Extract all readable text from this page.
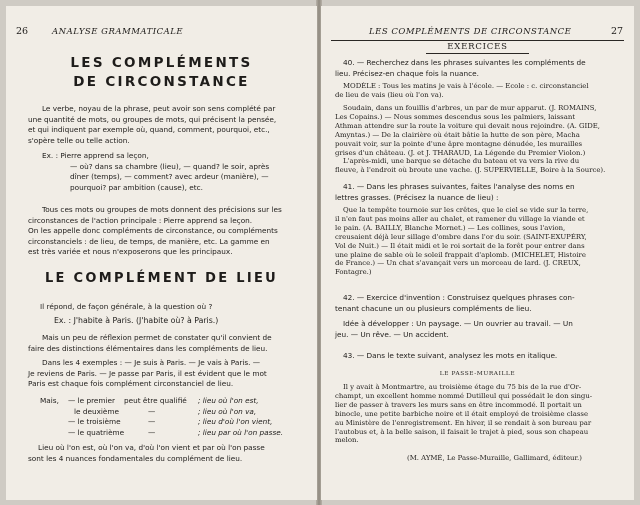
26	ANALYSE GRAMMATICALE
LES COMPLÉMENTS
DE CIRCONSTANCE
Le verbe, noyau de la phrase, peut avoir son sens complété par
une quantité de mots, ou groupes de mots, qui précisent la pensée,
et qui indiquent par exemple où, quand, comment, pourquoi, etc.,
s'opère telle ou telle action.
Ex. : Pierre apprend sa leçon,
— où? dans sa chambre (lieu), — quand? le soir, après
dîner (temps), — comment? avec ardeur (manière), —
pourquoi? par ambition (cause), etc.
Tous ces mots ou groupes de mots donnent des précisions sur les
circonstances de l'action principale : Pierre apprend sa leçon.
On les appelle donc compléments de circonstance, ou compléments
circonstanciels : de lieu, de temps, de manière, etc. La gamme en
est très variée et nous n'exposerons que les principaux.
LE COMPLÉMENT DE LIEU
Il répond, de façon générale, à la question où ?
Ex. : J'habite à Paris. (J'habite où? à Paris.)
Mais un peu de réflexion permet de constater qu'il convient de
faire des distinctions élémentaires dans les compléments de lieu.
Dans les 4 exemples : — Je suis à Paris. — Je vais à Paris. —
Je reviens de Paris. — Je passe par Paris, il est évident que le mot
Paris est chaque fois complément circonstanciel de lieu.
Mais, — le premier peut être qualifié ; lieu où l'on est,
le deuxième	—	; lieu où l'on va,
— le troisième	—	; lieu d'où l'on vient,
— le quatrième	—	; lieu par où l'on passe.
Lieu où l'on est, où l'on va, d'où l'on vient et par où l'on passe
sont les 4 nuances fondamentales du complément de lieu.
LES COMPLÉMENTS DE CIRCONSTANCE	27
EXERCICES
40. — Recherchez dans les phrases suivantes les compléments de
lieu. Précisez-en chaque fois la nuance.
MODÈLE : Tous les matins je vais à l'école. — Ecole : c. circonstanciel
de lieu de vais (lieu où l'on va).
Soudain, dans un fouillis d'arbres, un par de mur apparut. (J. ROMAINS,
Les Copains.) — Nous sommes descendus sous les palmiers, laissant
Athman attendre sur la route la voiture qui devait nous rejoindre. (A. GIDE,
Amyntas.) — De la clairière où était bâtie la hutte de son père, Macha
pouvait voir, sur la pointe d'une âpre montagne dénudée, les murailles
grises d'un château. (J. et J. THARAUD, La Légende du Premier Violon.)
L'après-midi, une barque se détache du bateau et va vers la rive du
fleuve, à l'endroit où broute une vache. (J. SUPERVIELLE, Boire à la Source).
41. — Dans les phrases suivantes, faites l'analyse des noms en
lettres grasses. (Précisez la nuance de lieu) :
Que la tempête tournoie sur les crêtes, que le ciel se vide sur la terre,
il n'en faut pas moins aller au chalet, et ramener du village la viande et
le pain. (A. BAILLY, Blanche Mornet.) — Les collines, sous l'avion,
creusaient déjà leur sillage d'ombre dans l'or du soir. (SAINT-EXUPÉRY,
Vol de Nuit.) — Il était midi et le roi sortait de la forêt pour entrer dans
une plaine de sable où le soleil frappait d'aplomb. (MICHELET, Histoire
de France.) — Un chat s'avançait vers un morceau de lard. (J. CREUX,
Fontagre.)
42. — Exercice d'invention : Construisez quelques phrases con-
tenant chacune un ou plusieurs compléments de lieu.
Idée à développer : Un paysage. — Un ouvrier au travail. — Un
jeu. — Un rêve. — Un accident.
43. — Dans le texte suivant, analysez les mots en italique.
LE PASSE-MURAILLE
Il y avait à Montmartre, au troisième étage du 75 bis de la rue d'Or-
champt, un excellent homme nommé Dutilleul qui possédait le don singu-
lier de passer à travers les murs sans en être incommodé. Il portait un
binocle, une petite barbiche noire et il était employé de troisième classe
au Ministère de l'enregistrement. En hiver, il se rendait à son bureau par
l'autobus et, à la belle saison, il faisait le trajet à pied, sous son chapeau
melon.
(M. AYMÉ, Le Passe-Muraille, Gallimard, éditeur.)
